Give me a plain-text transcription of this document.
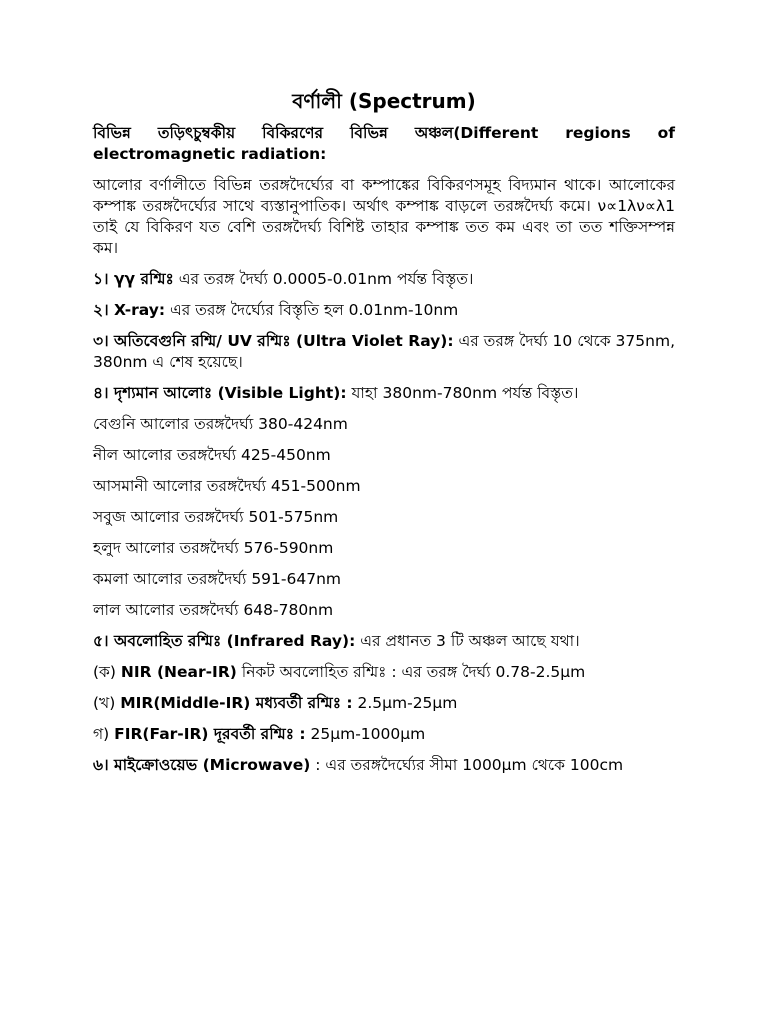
বর্ণালী (Spectrum)

বিভিন্ন তড়িৎচুম্বকীয় বিকিরণের বিভিন্ন অঞ্চল(Different regions of electromagnetic radiation:

আলোর বর্ণালীতে বিভিন্ন তরঙ্গদৈর্ঘ্যের বা কম্পাঙ্কের বিকিরণসমূহ বিদ্যমান থাকে। আলোকের কম্পাঙ্ক তরঙ্গদৈর্ঘ্যের সাথে ব্যস্তানুপাতিক। অর্থাৎ কম্পাঙ্ক বাড়লে তরঙ্গদৈর্ঘ্য কমে। ν∝1λν∝λ1 তাই যে বিকিরণ যত বেশি তরঙ্গদৈর্ঘ্য বিশিষ্ট তাহার কম্পাঙ্ক তত কম এবং তা তত শক্তিসম্পন্ন কম।

১। γγ রশ্মিঃ এর তরঙ্গ দৈর্ঘ্য 0.0005-0.01nm পর্যন্ত বিস্তৃত।

২। X-ray: এর তরঙ্গ দৈর্ঘ্যের বিস্তৃতি হল 0.01nm-10nm

৩। অতিবেগুনি রশ্মি/ UV রশ্মিঃ (Ultra Violet Ray): এর তরঙ্গ দৈর্ঘ্য 10 থেকে 375nm, 380nm এ শেষ হয়েছে।

৪। দৃশ্যমান আলোঃ (Visible Light): যাহা 380nm-780nm পর্যন্ত বিস্তৃত।

বেগুনি আলোর তরঙ্গদৈর্ঘ্য 380-424nm

নীল আলোর তরঙ্গদৈর্ঘ্য 425-450nm

আসমানী আলোর তরঙ্গদৈর্ঘ্য 451-500nm

সবুজ আলোর তরঙ্গদৈর্ঘ্য 501-575nm

হলুদ আলোর তরঙ্গদৈর্ঘ্য 576-590nm

কমলা আলোর তরঙ্গদৈর্ঘ্য 591-647nm

লাল আলোর তরঙ্গদৈর্ঘ্য 648-780nm

৫। অবলোহিত রশ্মিঃ (Infrared Ray): এর প্রধানত 3 টি অঞ্চল আছে যথা।

(ক) NIR (Near-IR) নিকট অবলোহিত রশ্মিঃ : এর তরঙ্গ দৈর্ঘ্য 0.78-2.5μm

(খ) MIR(Middle-IR) মধ্যবর্তী রশ্মিঃ : 2.5μm-25μm

গ) FIR(Far-IR) দূরবর্তী রশ্মিঃ : 25μm-1000μm

৬। মাইক্রোওয়েভ (Microwave) : এর তরঙ্গদৈর্ঘ্যের সীমা 1000μm থেকে 100cm
